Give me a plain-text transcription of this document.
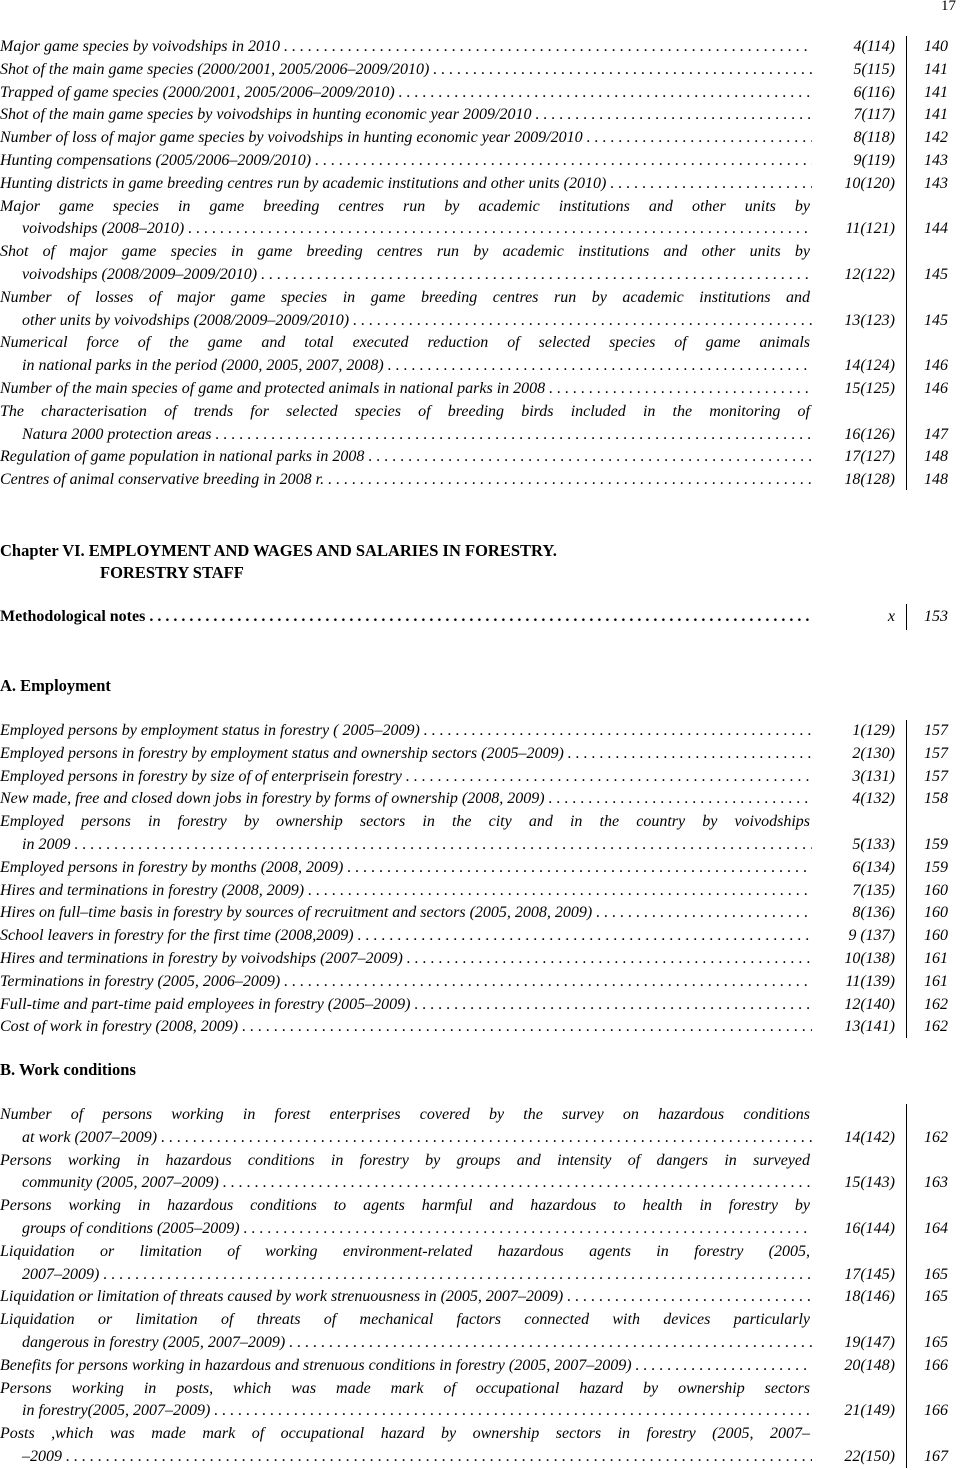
17
Major game species by voivodships in 2010 . . .	4(114) 140
Shot of the main game species (2000/2001, 2005/2006–2009/2010) . . .	5(115) 141
Trapped of game species (2000/2001, 2005/2006–2009/2010) . . .	6(116) 141
Shot of the main game species by voivodships in hunting economic year 2009/2010 . . .	7(117) 141
Number of loss of major game species by voivodships in hunting economic year 2009/2010 . . .	8(118) 142
Hunting compensations (2005/2006–2009/2010) . . .	9(119) 143
Hunting districts in game breeding centres run by academic institutions and other units (2010) . . .	10(120) 143
Major game species in game breeding centres run by academic institutions and other units by
voivodships (2008–2010) . . .	11(121) 144
Shot of major game species in game breeding centres run by academic institutions and other units by
voivodships (2008/2009–2009/2010) . . .	12(122) 145
Number of losses of major game species in game breeding centres run by academic institutions and
other units by voivodships (2008/2009–2009/2010) . . .	13(123) 145
Numerical force of the game and total executed reduction of selected species of game animals
in national parks in the period (2000, 2005, 2007, 2008) . . .	14(124) 146
Number of the main species of game and protected animals in national parks in 2008 . . .	15(125) 146
The characterisation of trends for selected species of breeding birds included in the monitoring of
Natura 2000 protection areas . . .	16(126) 147
Regulation of game population in national parks in 2008 . . .	17(127) 148
Centres of animal conservative breeding in 2008 r. . . .	18(128) 148
Chapter VI. EMPLOYMENT AND WAGES AND SALARIES IN FORESTRY.
FORESTRY STAFF
Methodological notes . . .	x 153
A. Employment
Employed persons by employment status in forestry ( 2005–2009) . . .	1(129) 157
Employed persons in forestry by employment status and ownership sectors (2005–2009) . . .	2(130) 157
Employed persons in forestry by size of of enterprisein forestry . . .	3(131) 157
New made, free and closed down jobs in forestry by forms of ownership (2008, 2009) . . .	4(132) 158
Employed persons in forestry by ownership sectors in the city and in the country by voivodships
in 2009 . . .	5(133) 159
Employed persons in forestry by months (2008, 2009) . . .	6(134) 159
Hires and terminations in forestry (2008, 2009) . . .	7(135) 160
Hires on full–time basis in forestry by sources of recruitment and sectors (2005, 2008, 2009) . . .	8(136) 160
School leavers in forestry for the first time (2008,2009) . . .	9 (137) 160
Hires and terminations in forestry by voivodships (2007–2009) . . .	10(138) 161
Terminations in forestry (2005, 2006–2009) . . .	11(139) 161
Full-time and part-time paid employees in forestry (2005–2009) . . .	12(140) 162
Cost of work in forestry (2008, 2009) . . .	13(141) 162
B. Work conditions
Number of persons working in forest enterprises covered by the survey on hazardous conditions
at work (2007–2009) . . .	14(142) 162
Persons working in hazardous conditions in forestry by groups and intensity of dangers in surveyed
community (2005, 2007–2009) . . .	15(143) 163
Persons working in hazardous conditions to agents harmful and hazardous to health in forestry by
groups of conditions (2005–2009) . . .	16(144) 164
Liquidation or limitation of working environment-related hazardous agents in forestry (2005,
2007–2009) . . .	17(145) 165
Liquidation or limitation of threats caused by work strenuousness in (2005, 2007–2009) . . .	18(146) 165
Liquidation or limitation of threats of mechanical factors connected with devices particularly
dangerous in forestry (2005, 2007–2009) . . .	19(147) 165
Benefits for persons working in hazardous and strenuous conditions in forestry (2005, 2007–2009) . . .	20(148) 166
Persons working in posts, which was made mark of occupational hazard by ownership sectors
in forestry(2005, 2007–2009) . . .	21(149) 166
Posts ,which was made mark of occupational hazard by ownership sectors in forestry (2005, 2007–
–2009 . . .	22(150) 167
